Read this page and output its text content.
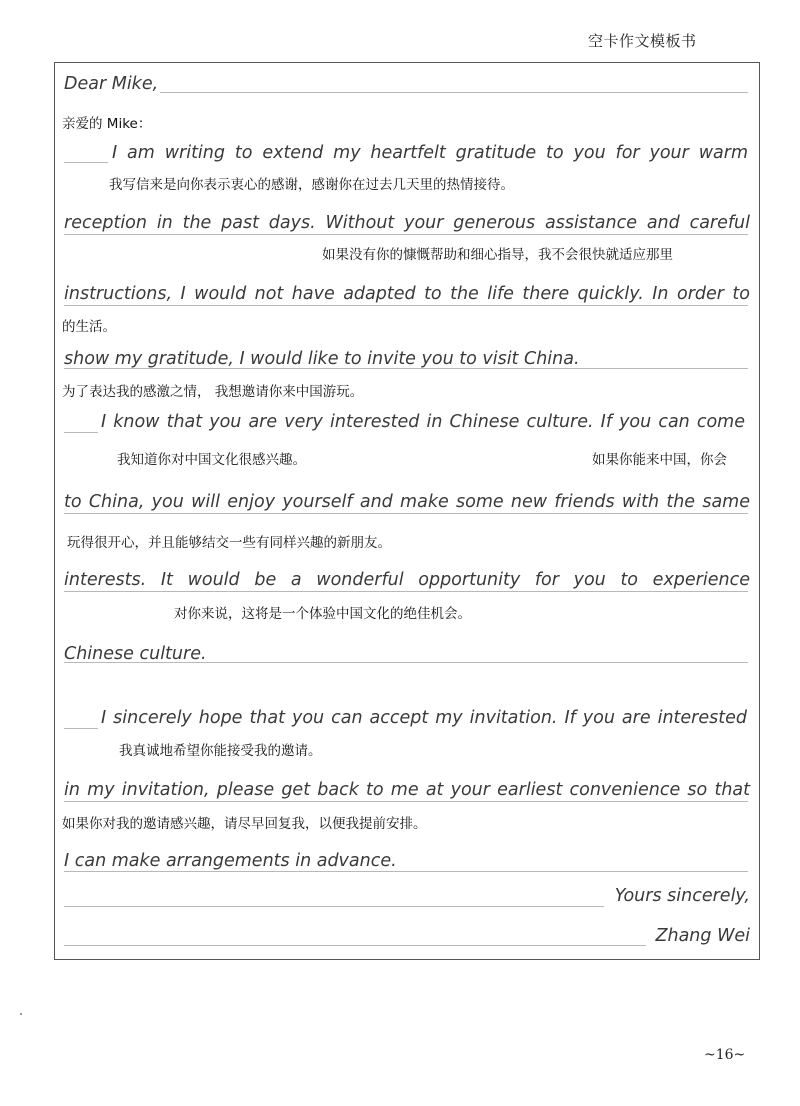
空卡作文模板书
Dear Mike,
亲爱的 Mike：
I am writing to extend my heartfelt gratitude to you for your warm
我写信来是向你表示衷心的感谢，感谢你在过去几天里的热情接待。
reception in the past days. Without your generous assistance and careful
如果没有你的慷慨帮助和细心指导，我不会很快就适应那里
instructions, I would not have adapted to the life there quickly. In order to
的生活。
show my gratitude, I would like to invite you to visit China.
为了表达我的感激之情， 我想邀请你来中国游玩。
I know that you are very interested in Chinese culture. If you can come
我知道你对中国文化很感兴趣。	如果你能来中国，你会
to China, you will enjoy yourself and make some new friends with the same
玩得很开心，并且能够结交一些有同样兴趣的新朋友。
interests. It would be a wonderful opportunity for you to experience
对你来说，这将是一个体验中国文化的绝佳机会。
Chinese culture.
I sincerely hope that you can accept my invitation. If you are interested
我真诚地希望你能接受我的邀请。
in my invitation, please get back to me at your earliest convenience so that
如果你对我的邀请感兴趣，请尽早回复我，以便我提前安排。
I can make arrangements in advance.
Yours sincerely,
Zhang Wei
~16~
